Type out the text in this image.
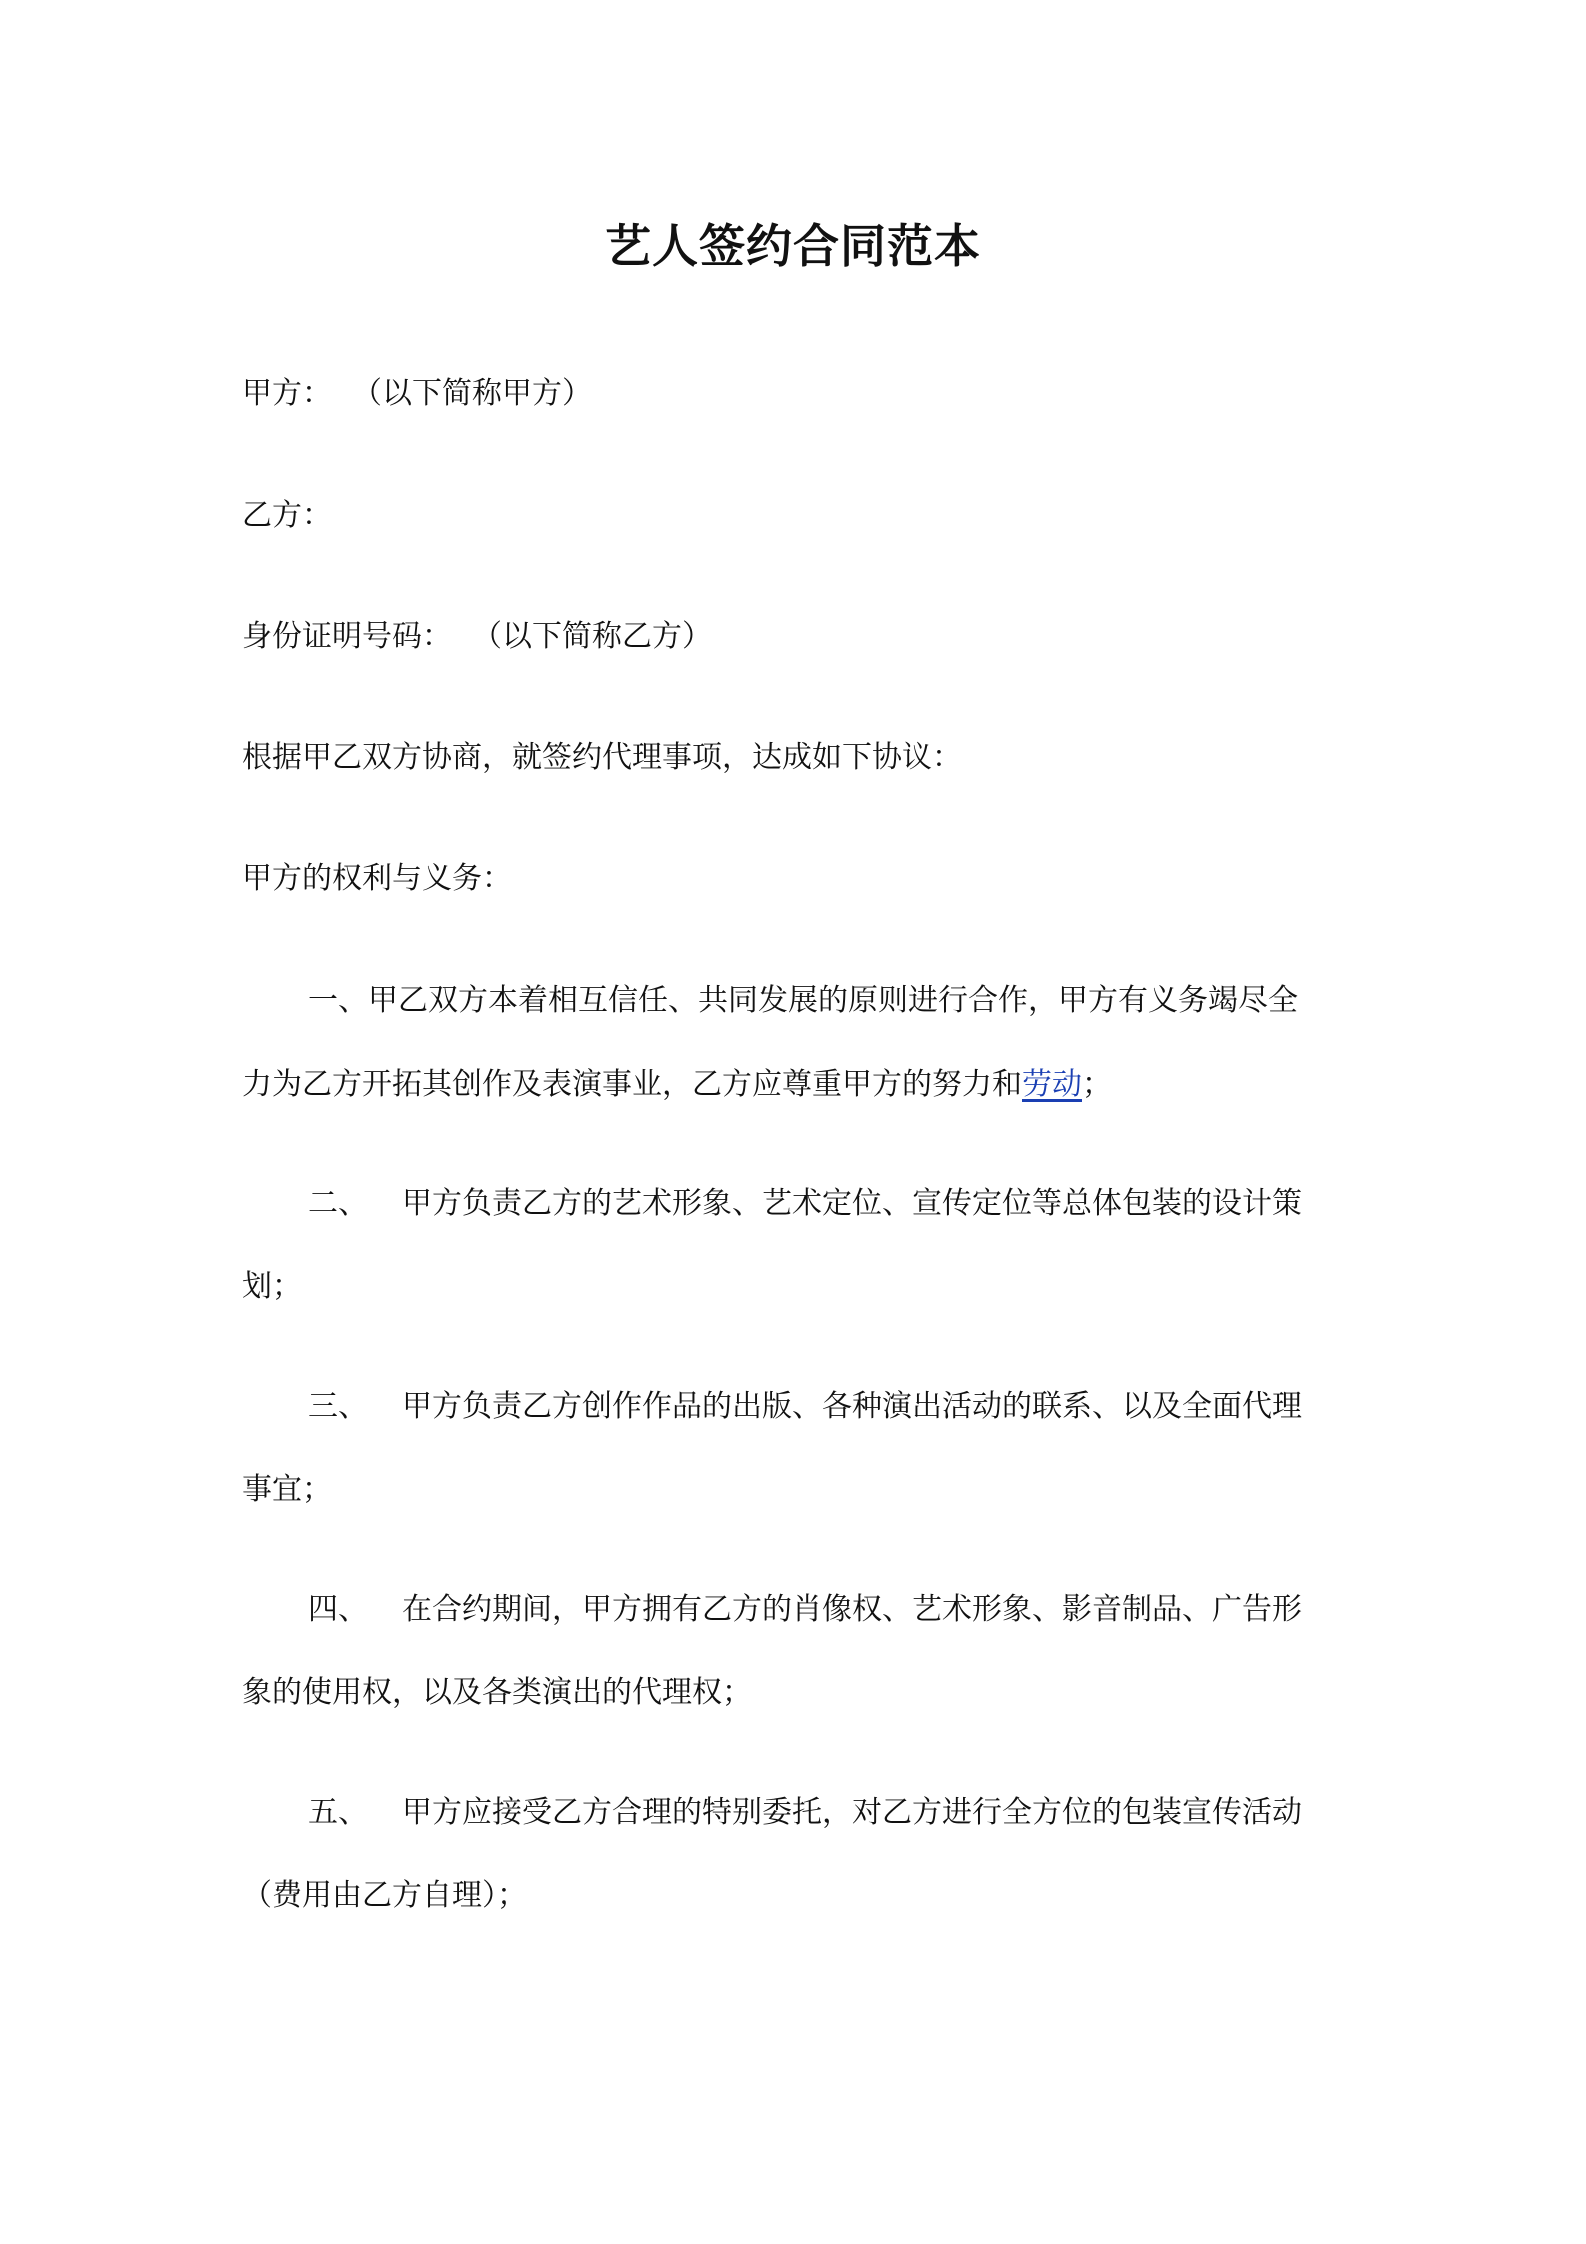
艺人签约合同范本
甲方： （以下简称甲方）
乙方：
身份证明号码： （以下简称乙方）
根据甲乙双方协商，就签约代理事项，达成如下协议：
甲方的权利与义务：
一、甲乙双方本着相互信任、共同发展的原则进行合作，甲方有义务竭尽全
力为乙方开拓其创作及表演事业，乙方应尊重甲方的努力和劳动；
二、 甲方负责乙方的艺术形象、艺术定位、宣传定位等总体包装的设计策
划；
三、 甲方负责乙方创作作品的出版、各种演出活动的联系、以及全面代理
事宜；
四、 在合约期间，甲方拥有乙方的肖像权、艺术形象、影音制品、广告形
象的使用权，以及各类演出的代理权；
五、 甲方应接受乙方合理的特别委托，对乙方进行全方位的包装宣传活动
（费用由乙方自理）；
